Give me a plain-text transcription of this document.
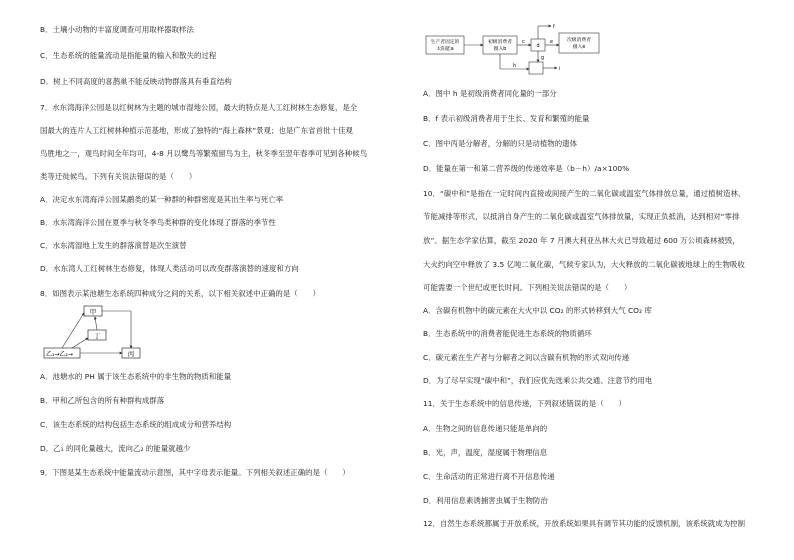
B．土壤小动物的丰富度调查可用取样器取样法
C．生态系统的能量流动是指能量的输入和散失的过程
D．树上不同高度的喜鹊巢不能反映动物群落具有垂直结构
7．水东湾海洋公园是以红树林为主题的城市湿地公园，最大的特点是人工红树林生态修复，是全
国最大的连片人工红树林种植示范基地，形成了独特的“海上森林”景观；也是广东省首批十佳观
鸟胜地之一，观鸟时间全年均可，4-8 月以鹭鸟等繁殖留鸟为主，秋冬季至翌年春季可见到各种候鸟
类等迁徙候鸟。下列有关说法错误的是（　　）
A．决定水东湾海洋公园某鹬类的某一种群的种群密度是其出生率与死亡率
B．水东湾海洋公园在夏季与秋冬季鸟类种群的变化体现了群落的季节性
C．水东湾湿地上发生的群落演替是次生演替
D．水东湾人工红树林生态修复，体现人类活动可以改变群落演替的速度和方向
8．如图表示某池塘生态系统四种成分之间的关系，以下相关叙述中正确的是（　　）
甲
丁
乙₁→乙₂→	丙
A．池塘水的 PH 属于该生态系统中的非生物的物质和能量
B．甲和乙所包含的所有种群构成群落
C．该生态系统的结构包括生态系统的组成成分和营养结构
D．乙₁ 的同化量越大，流向乙₂ 的能量就越少
9．下图是某生态系统中能量流动示意图，其中字母表示能量。下列相关叙述正确的是（　　）
生产者固定的
太阳能a
初级消费者
摄入b
c
d
e	次级消费者
摄入e
f
g
h
i
A．图中 h 是初级消费者同化量的一部分
B．f 表示初级消费者用于生长、发育和繁殖的能量
C．图中丙是分解者，分解的只是动植物的遗体
D．能量在第一和第二营养级的传递效率是（b－h）/a×100%
10．“碳中和”是指在一定时间内直接或间接产生的二氧化碳或温室气体排放总量，通过植树造林、
节能减排等形式，以抵消自身产生的二氧化碳或温室气体排放量，实现正负抵消，达到相对“零排
放”。据生态学家估算，截至 2020 年 7 月澳大利亚丛林大火已导致超过 600 万公顷森林被毁，
大火约向空中释放了 3.5 亿吨二氧化碳，气候专家认为，大火释放的二氧化碳被地球上的生物吸收
可能需要一个世纪或更长时间。下列相关说法错误的是（　　）
A．含碳有机物中的碳元素在大火中以 CO₂ 的形式转移到大气 CO₂ 库
B．生态系统中的消费者能促进生态系统的物质循环
C．碳元素在生产者与分解者之间以含碳有机物的形式双向传递
D．为了尽早实现“碳中和”，我们应优先选乘公共交通、注意节约用电
11．关于生态系统中的信息传递，下列叙述错误的是（　　）
A．生物之间的信息传递只能是单向的
B．光，声，温度，湿度属于物理信息
C．生命活动的正常进行离不开信息传递
D．利用信息素诱捕害虫属于生物防治
12．自然生态系统都属于开放系统，开放系统如果具有调节其功能的反馈机制，该系统就成为控制
